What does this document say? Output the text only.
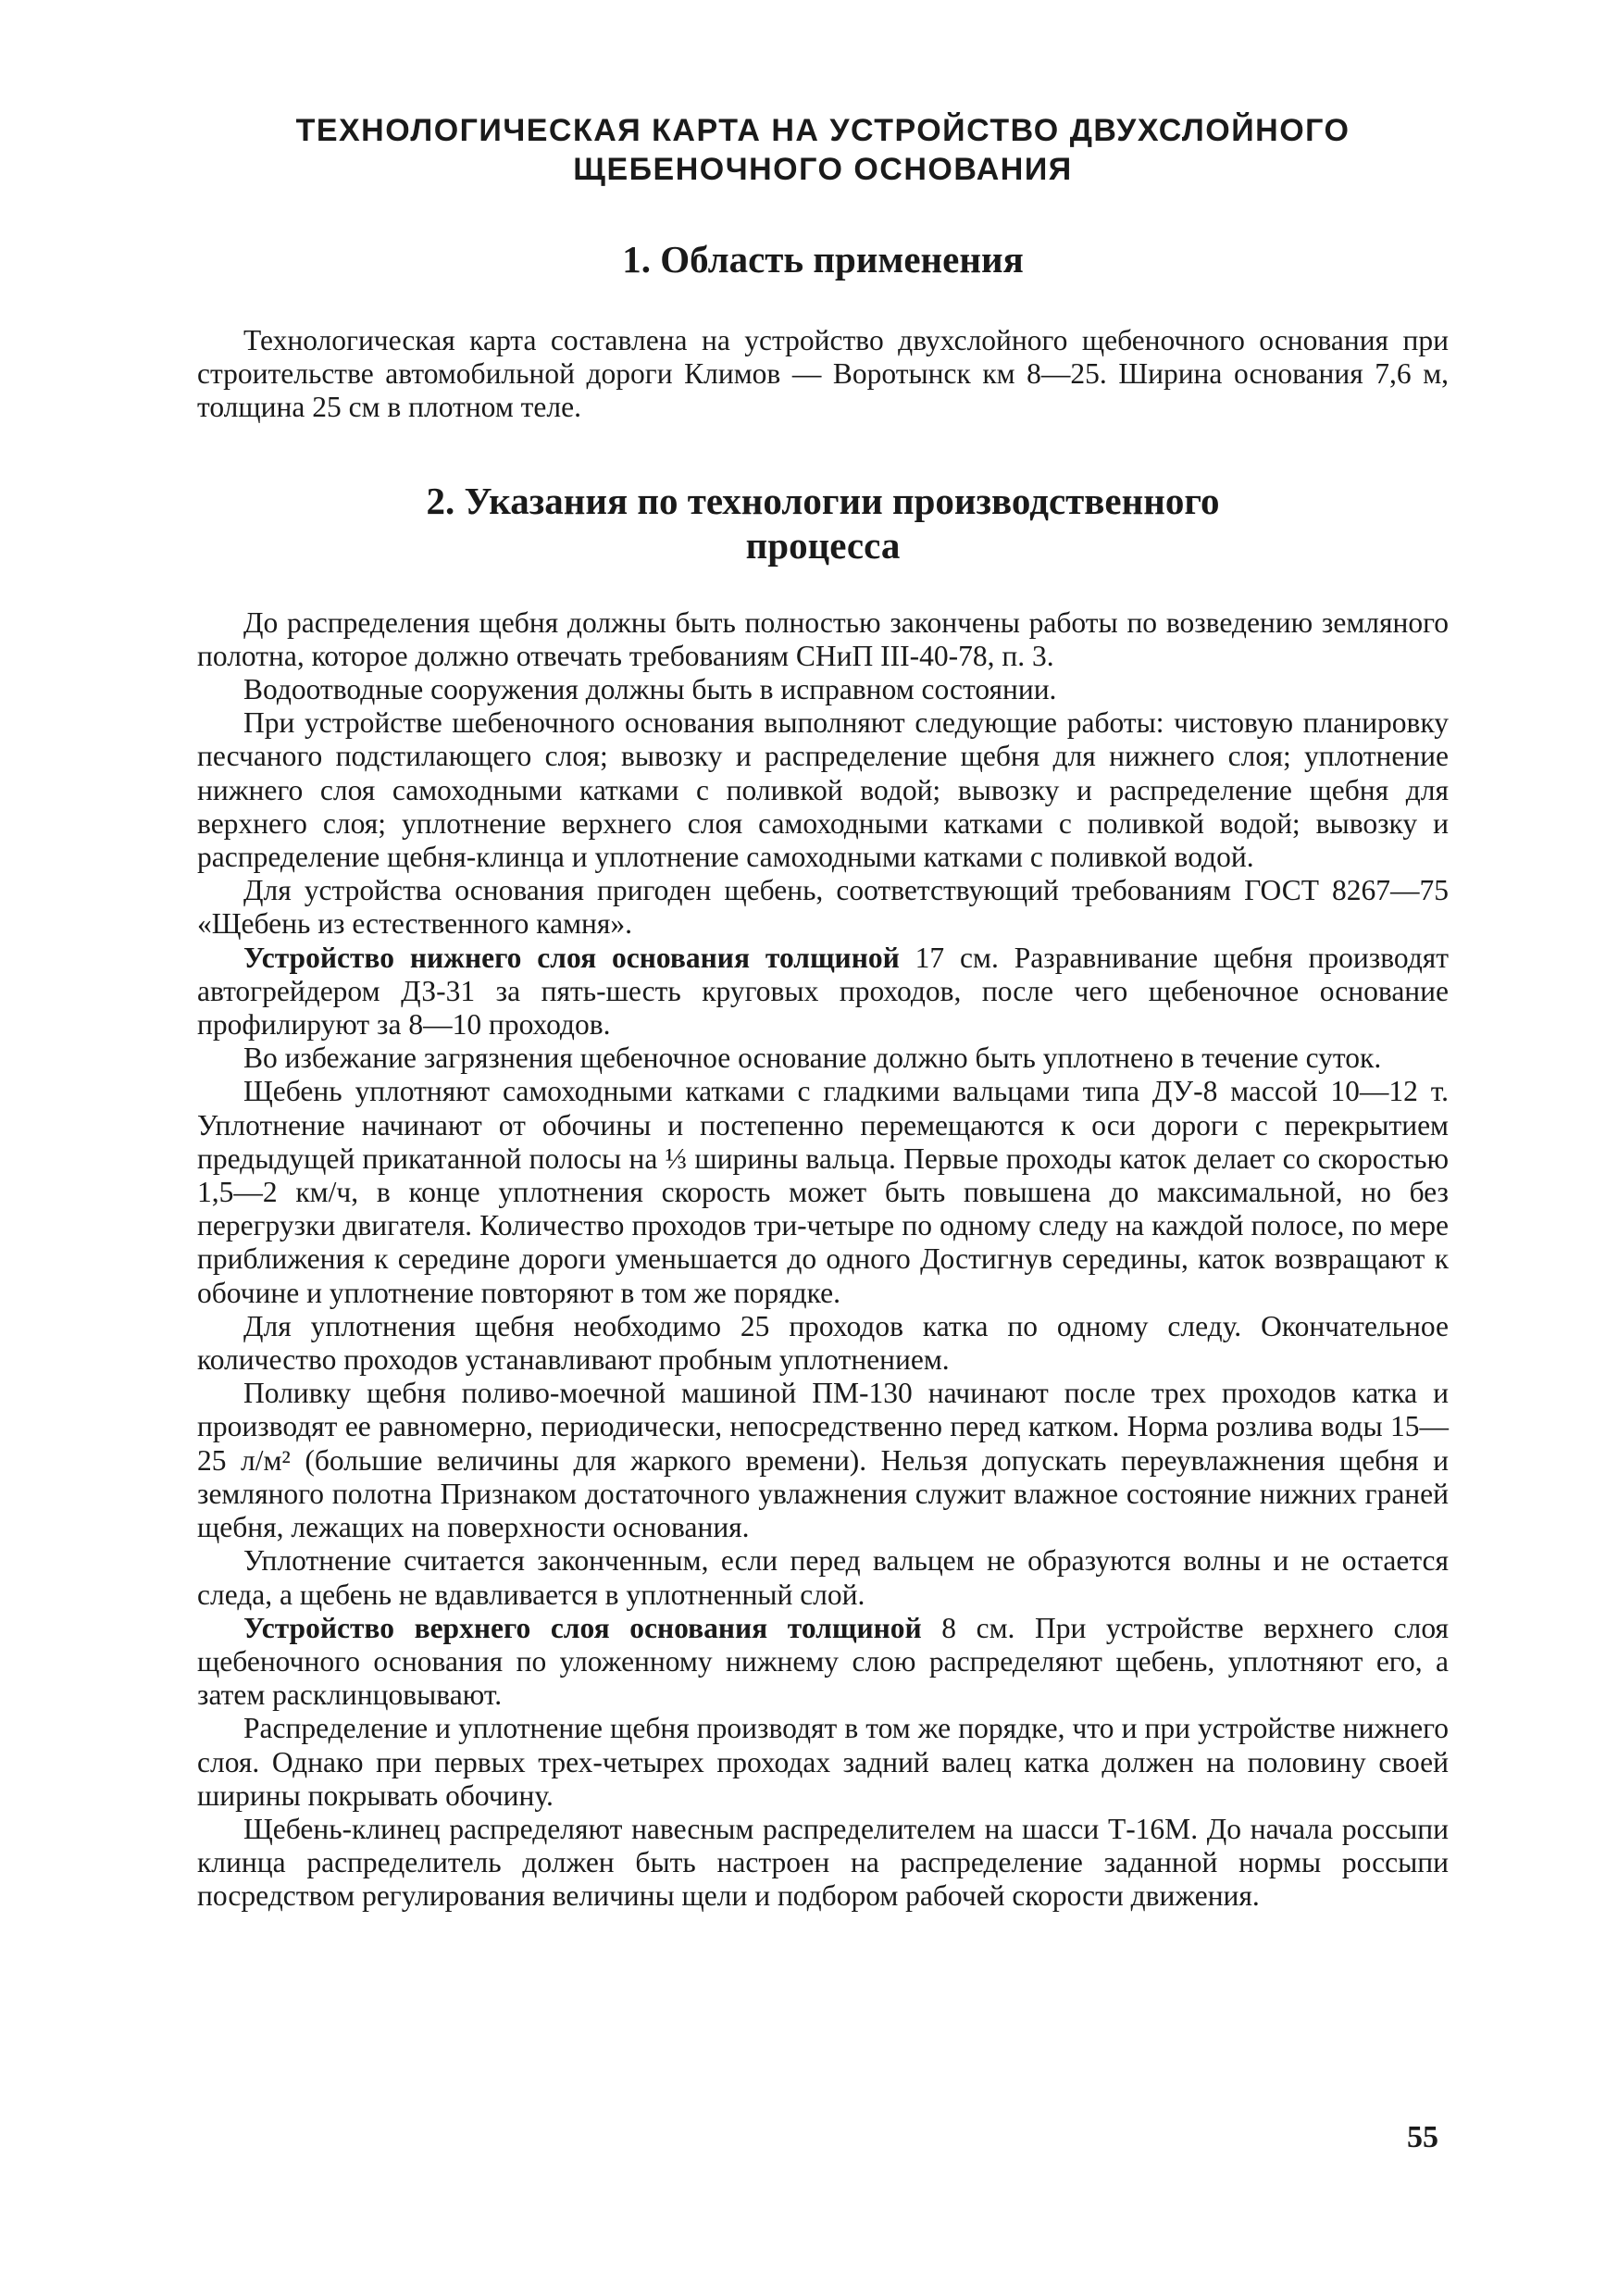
ТЕХНОЛОГИЧЕСКАЯ КАРТА НА УСТРОЙСТВО ДВУХСЛОЙНОГО
ЩЕБЕНОЧНОГО ОСНОВАНИЯ
1. Область применения

Технологическая карта составлена на устройство двухслойного щебеночного основания при строительстве автомобильной дороги Климов — Воротынск км 8—25. Ширина основания 7,6 м, толщина 25 см в плотном теле.

2. Указания по технологии производственного
процесса

До распределения щебня должны быть полностью закончены работы по возведению земляного полотна, которое должно отвечать требованиям СНиП III-40-78, п. 3.

Водоотводные сооружения должны быть в исправном состоянии.

При устройстве шебеночного основания выполняют следующие работы: чистовую планировку песчаного подстилающего слоя; вывозку и распределение щебня для нижнего слоя; уплотнение нижнего слоя самоходными катками с поливкой водой; вывозку и распределение щебня для верхнего слоя; уплотнение верхнего слоя самоходными катками с поливкой водой; вывозку и распределение щебня-клинца и уплотнение самоходными катками с поливкой водой.

Для устройства основания пригоден щебень, соответствующий требованиям ГОСТ 8267—75 «Щебень из естественного камня».

Устройство нижнего слоя основания толщиной 17 см. Разравнивание щебня производят автогрейдером ДЗ-31 за пять-шесть круговых проходов, после чего щебеночное основание профилируют за 8—10 проходов.

Во избежание загрязнения щебеночное основание должно быть уплотнено в течение суток.

Щебень уплотняют самоходными катками с гладкими вальцами типа ДУ-8 массой 10—12 т. Уплотнение начинают от обочины и постепенно перемещаются к оси дороги с перекрытием предыдущей прикатанной полосы на ⅓ ширины вальца. Первые проходы каток делает со скоростью 1,5—2 км/ч, в конце уплотнения скорость может быть повышена до максимальной, но без перегрузки двигателя. Количество проходов три-четыре по одному следу на каждой полосе, по мере приближения к середине дороги уменьшается до одного Достигнув середины, каток возвращают к обочине и уплотнение повторяют в том же порядке.

Для уплотнения щебня необходимо 25 проходов катка по одному следу. Окончательное количество проходов устанавливают пробным уплотнением.

Поливку щебня поливо-моечной машиной ПМ-130 начинают после трех проходов катка и производят ее равномерно, периодически, непосредственно перед катком. Норма розлива воды 15—25 л/м² (большие величины для жаркого времени). Нельзя допускать переувлажнения щебня и земляного полотна Признаком достаточного увлажнения служит влажное состояние нижних граней щебня, лежащих на поверхности основания.

Уплотнение считается законченным, если перед вальцем не образуются волны и не остается следа, а щебень не вдавливается в уплотненный слой.

Устройство верхнего слоя основания толщиной 8 см. При устройстве верхнего слоя щебеночного основания по уложенному нижнему слою распределяют щебень, уплотняют его, а затем расклинцовывают.

Распределение и уплотнение щебня производят в том же порядке, что и при устройстве нижнего слоя. Однако при первых трех-четырех проходах задний валец катка должен на половину своей ширины покрывать обочину.

Щебень-клинец распределяют навесным распределителем на шасси Т-16М. До начала россыпи клинца распределитель должен быть настроен на распределение заданной нормы россыпи посредством регулирования величины щели и подбором рабочей скорости движения.

55
